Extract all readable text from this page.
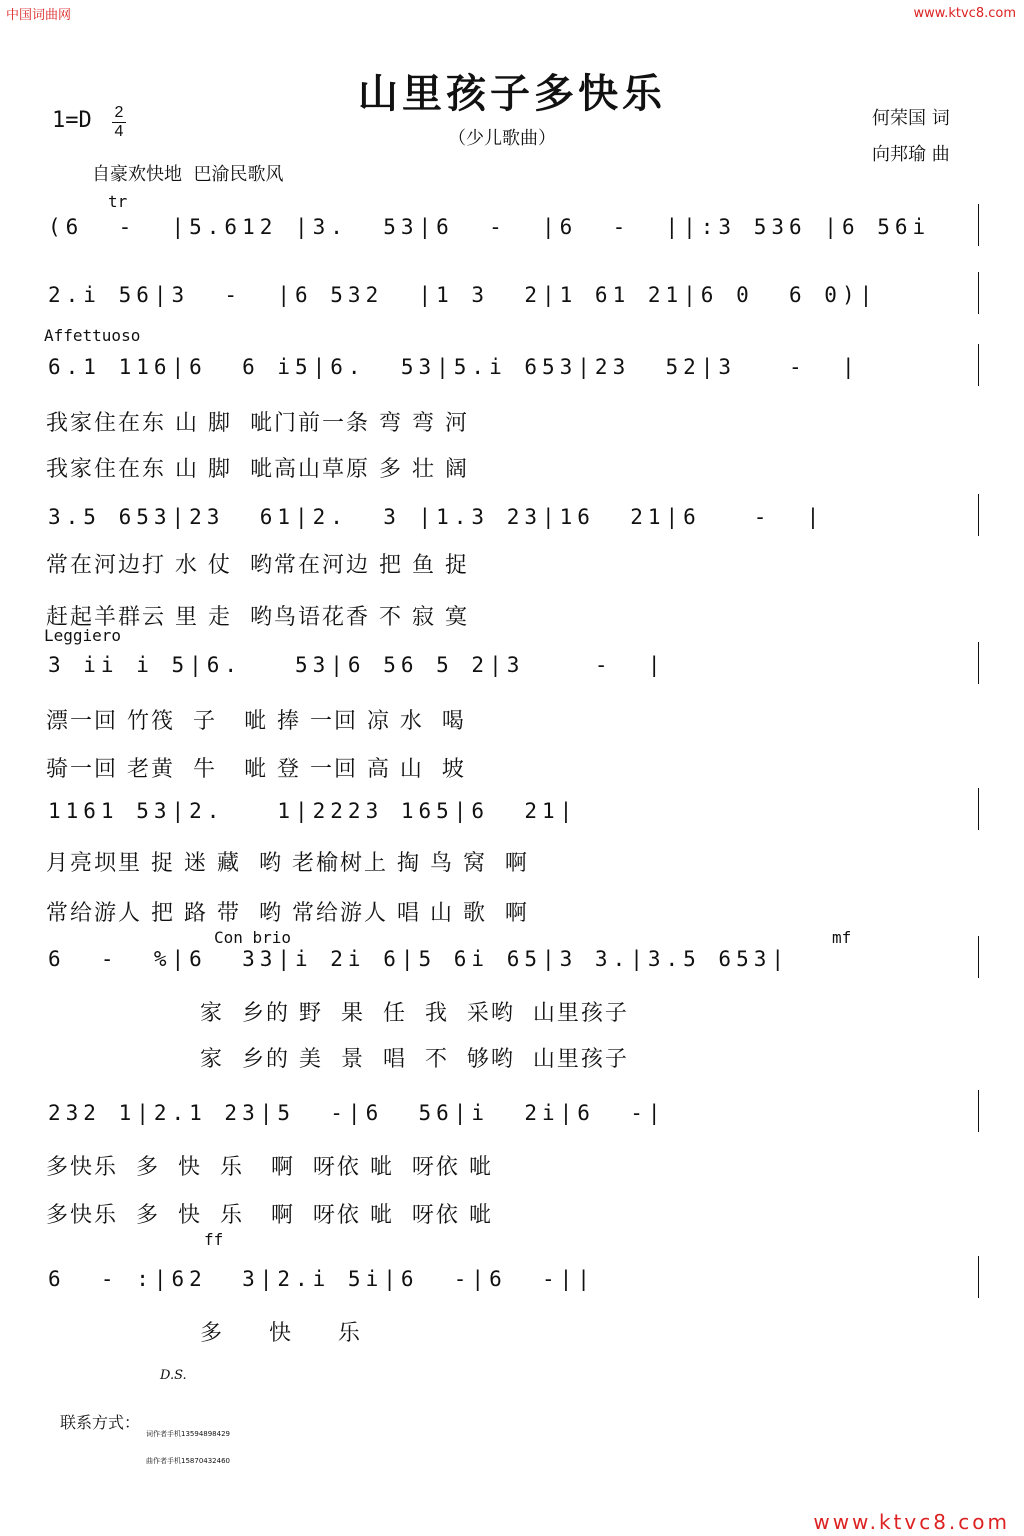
中国词曲网	www.ktvc8.com
山里孩子多快乐
1=D 2
4	（少儿歌曲）
何荣国 词
向邦瑜 曲
自豪欢快地  巴渝民歌风
(6  -  |5.612 |3.  53|6  -  |6  -  ||:3 536 |6 56i
tr
2.i 56|3  -  |6 532  |1 3  2|1 61 21|6 0  6 0)|
6.1 116|6  6 i5|6.  53|5.i 653|23  52|3   -  |
Affettuoso
我家住在东 山 脚  呲门前一条 弯 弯 河
我家住在东 山 脚  呲高山草原 多 壮 阔
3.5 653|23  61|2.  3 |1.3 23|16  21|6   -  |
常在河边打 水 仗  哟常在河边 把 鱼 捉
赶起羊群云 里 走  哟鸟语花香 不 寂 寞
3 ii i 5|6.   53|6 56 5 2|3    -  |
Leggiero
漂一回 竹筏  子   呲 捧 一回 凉 水  喝
骑一回 老黄  牛   呲 登 一回 高 山  坡
1161 53|2.   1|2223 165|6  21|
月亮坝里 捉 迷 藏  哟 老榆树上 掏 鸟 窝  啊
常给游人 把 路 带  哟 常给游人 唱 山 歌  啊
6  -  %|6  33|i 2i 6|5 6i 65|3 3.|3.5 653|
Con brio	mf
家  乡的 野  果  任  我  采哟  山里孩子
家  乡的 美  景  唱  不  够哟  山里孩子
232 1|2.1 23|5  -|6  56|i  2i|6  -|
多快乐  多  快  乐   啊  呀依 呲  呀依 呲
多快乐  多  快  乐   啊  呀依 呲  呀依 呲
6  - :|62  3|2.i 5i|6  -|6  -||
ff
多     快     乐
D.S.
联系方式：

词作者手机13594898429

曲作者手机15870432460

www.ktvc8.com
